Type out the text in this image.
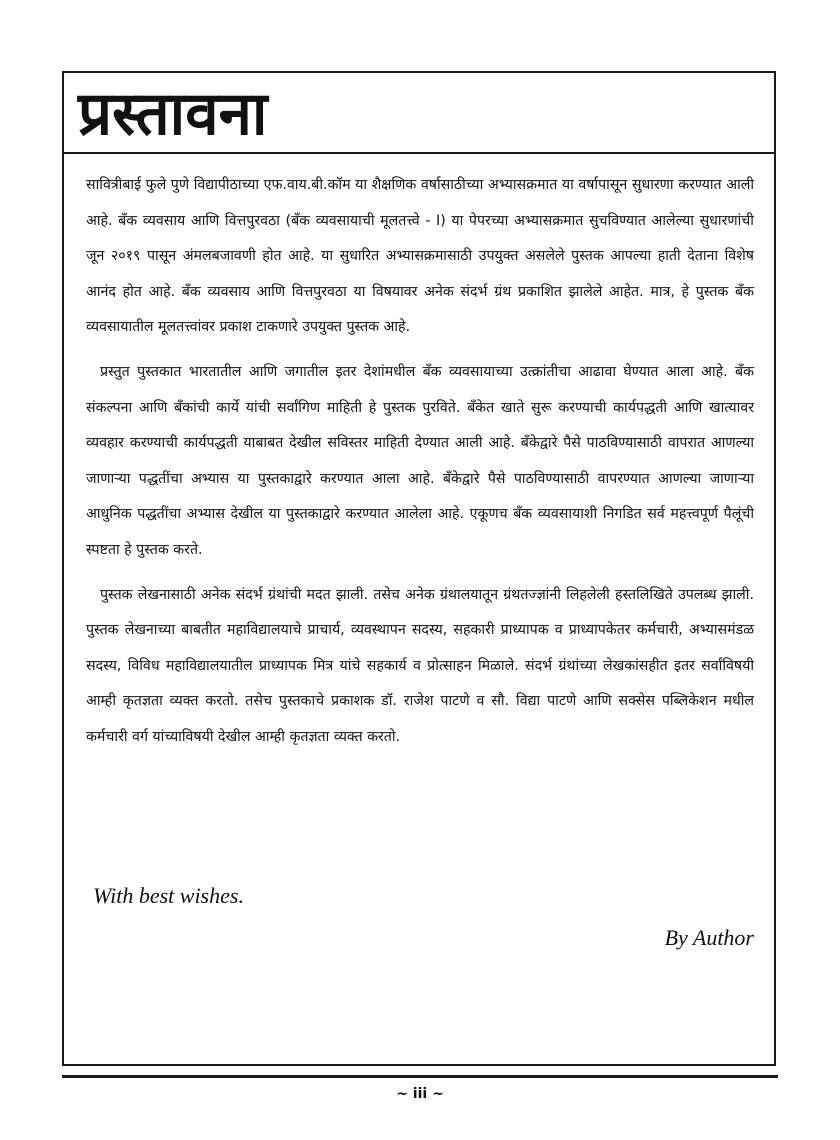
प्रस्तावना

सावित्रीबाई फुले पुणे विद्यापीठाच्या एफ.वाय.बी.कॉम या शैक्षणिक वर्षासाठीच्या अभ्यासक्रमात या वर्षापासून सुधारणा करण्यात आली आहे. बँक व्यवसाय आणि वित्तपुरवठा (बँक व्यवसायाची मूलतत्त्वे - I) या पेपरच्या अभ्यासक्रमात सुचविण्यात आलेल्या सुधारणांची जून २०१९ पासून अंमलबजावणी होत आहे. या सुधारित अभ्यासक्रमासाठी उपयुक्त असलेले पुस्तक आपल्या हाती देताना विशेष आनंद होत आहे. बँक व्यवसाय आणि वित्तपुरवठा या विषयावर अनेक संदर्भ ग्रंथ प्रकाशित झालेले आहेत. मात्र, हे पुस्तक बँक व्यवसायातील मूलतत्त्वांवर प्रकाश टाकणारे उपयुक्त पुस्तक आहे.

प्रस्तुत पुस्तकात भारतातील आणि जगातील इतर देशांमधील बँक व्यवसायाच्या उत्क्रांतीचा आढावा घेण्यात आला आहे. बँक संकल्पना आणि बँकांची कार्ये यांची सर्वांगिण माहिती हे पुस्तक पुरविते. बँकेत खाते सुरू करण्याची कार्यपद्धती आणि खात्यावर व्यवहार करण्याची कार्यपद्धती याबाबत देखील सविस्तर माहिती देण्यात आली आहे. बँकेद्वारे पैसे पाठविण्यासाठी वापरात आणल्या जाणाऱ्या पद्धतींचा अभ्यास या पुस्तकाद्वारे करण्यात आला आहे. बँकेद्वारे पैसे पाठविण्यासाठी वापरण्यात आणल्या जाणाऱ्या आधुनिक पद्धतींचा अभ्यास देखील या पुस्तकाद्वारे करण्यात आलेला आहे. एकूणच बँक व्यवसायाशी निगडित सर्व महत्त्वपूर्ण पैलूंची स्पष्टता हे पुस्तक करते.

पुस्तक लेखनासाठी अनेक संदर्भ ग्रंथांची मदत झाली. तसेच अनेक ग्रंथालयातून ग्रंथतज्ज्ञांनी लिहलेली हस्तलिखिते उपलब्ध झाली. पुस्तक लेखनाच्या बाबतीत महाविद्यालयाचे प्राचार्य, व्यवस्थापन सदस्य, सहकारी प्राध्यापक व प्राध्यापकेतर कर्मचारी, अभ्यासमंडळ सदस्य, विविध महाविद्यालयातील प्राध्यापक मित्र यांचे सहकार्य व प्रोत्साहन मिळाले. संदर्भ ग्रंथांच्या लेखकांसहीत इतर सर्वांविषयी आम्ही कृतज्ञता व्यक्त करतो. तसेच पुस्तकाचे प्रकाशक डॉ. राजेश पाटणे व सौ. विद्या पाटणे आणि सक्सेस पब्लिकेशन मधील कर्मचारी वर्ग यांच्याविषयी देखील आम्ही कृतज्ञता व्यक्त करतो.

With best wishes.
By Author
~ iii ~
